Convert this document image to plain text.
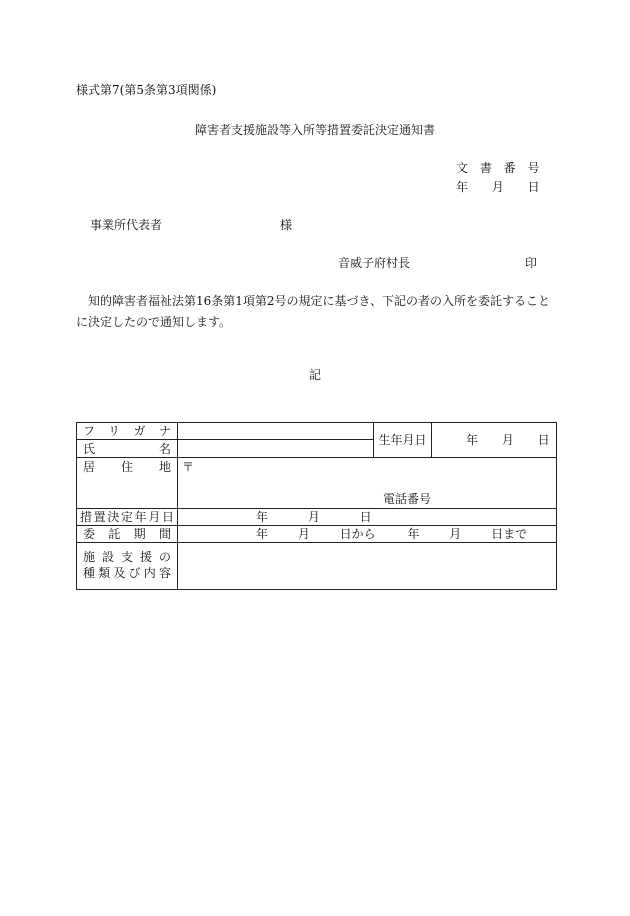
様式第7(第5条第3項関係)
障害者支援施設等入所等措置委託決定通知書
文 書 番 号
年 月 日
事業所代表者	様
音威子府村長	印
知的障害者福祉法第16条第1項第2号の規定に基づき、下記の者の入所を委託することに決定したので通知します。
記
フリガナ		生年月日	年 月 日
氏名			
居住地	〒
電話番号		

措置決定年月日	年 月 日		
委託期間	年 月 日から 年 月 日まで		

施設支援の
種類及び内容			
